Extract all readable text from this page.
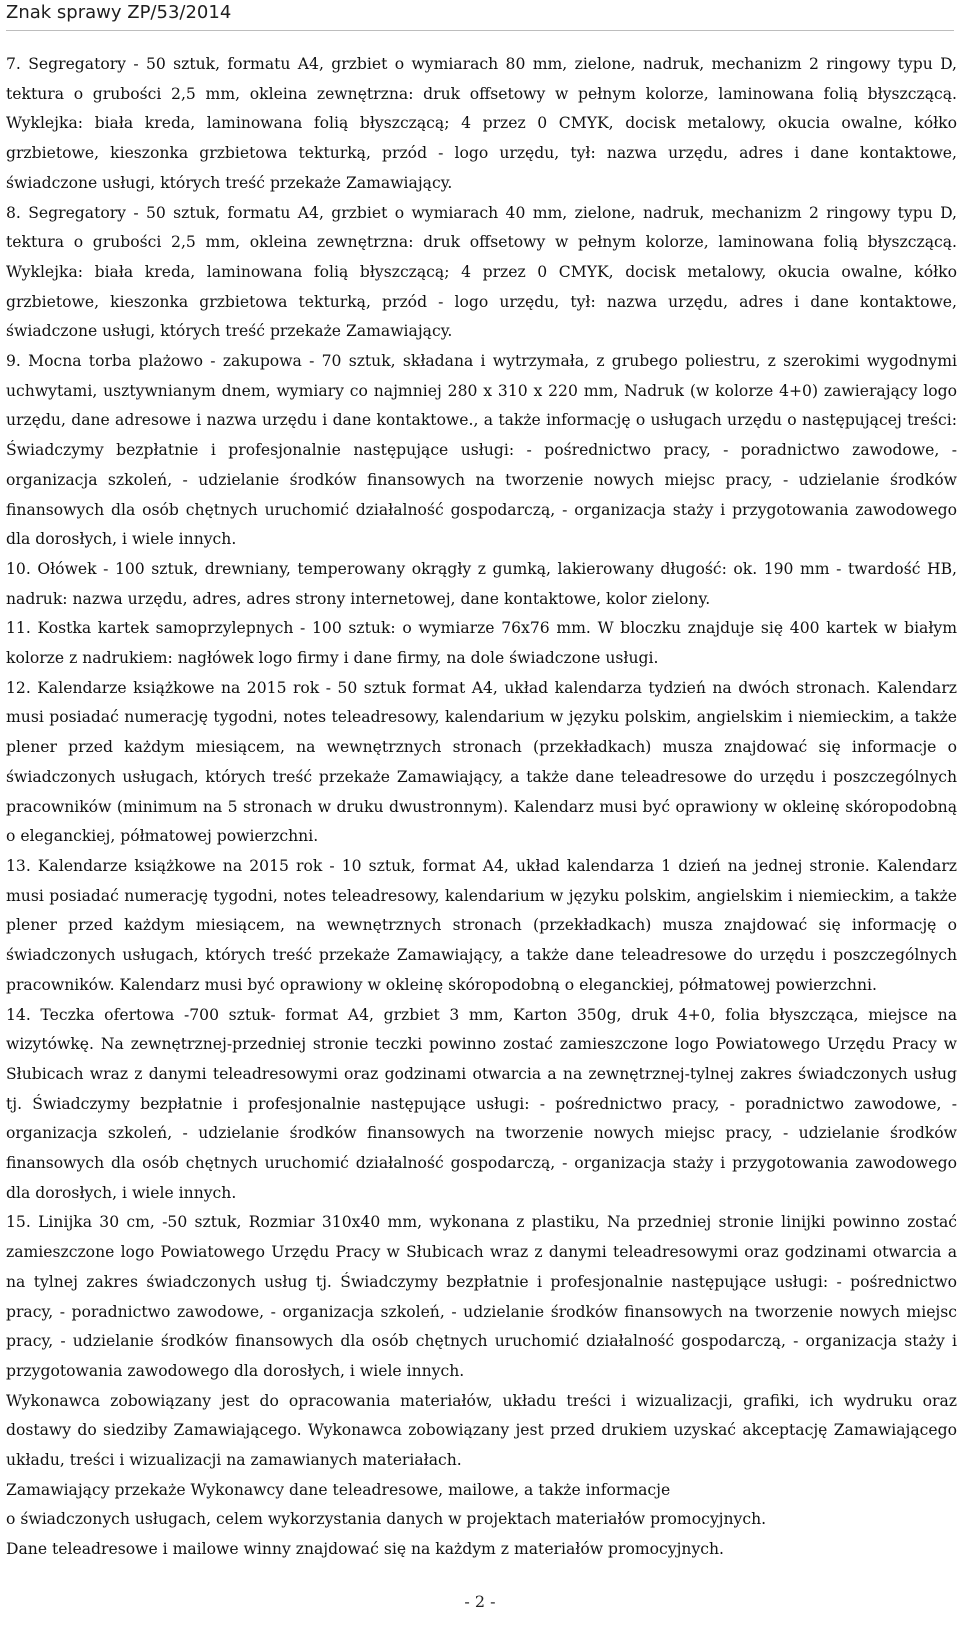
Znak sprawy ZP/53/2014

7. Segregatory - 50 sztuk, formatu A4, grzbiet o wymiarach 80 mm, zielone, nadruk, mechanizm 2 ringowy typu D, tektura o grubości 2,5 mm, okleina zewnętrzna: druk offsetowy w pełnym kolorze, laminowana folią błyszczącą. Wyklejka: biała kreda, laminowana folią błyszczącą; 4 przez 0 CMYK, docisk metalowy, okucia owalne, kółko grzbietowe, kieszonka grzbietowa tekturką, przód - logo urzędu, tył: nazwa urzędu, adres i dane kontaktowe, świadczone usługi, których treść przekaże Zamawiający.

8. Segregatory - 50 sztuk, formatu A4, grzbiet o wymiarach 40 mm, zielone, nadruk, mechanizm 2 ringowy typu D, tektura o grubości 2,5 mm, okleina zewnętrzna: druk offsetowy w pełnym kolorze, laminowana folią błyszczącą. Wyklejka: biała kreda, laminowana folią błyszczącą; 4 przez 0 CMYK, docisk metalowy, okucia owalne, kółko grzbietowe, kieszonka grzbietowa tekturką, przód - logo urzędu, tył: nazwa urzędu, adres i dane kontaktowe, świadczone usługi, których treść przekaże Zamawiający.

9. Mocna torba plażowo - zakupowa - 70 sztuk, składana i wytrzymała, z grubego poliestru, z szerokimi wygodnymi uchwytami, usztywnianym dnem, wymiary co najmniej 280 x 310 x 220 mm, Nadruk (w kolorze 4+0) zawierający logo urzędu, dane adresowe i nazwa urzędu i dane kontaktowe., a także informację o usługach urzędu o następującej treści: Świadczymy bezpłatnie i profesjonalnie następujące usługi: - pośrednictwo pracy, - poradnictwo zawodowe, - organizacja szkoleń, - udzielanie środków finansowych na tworzenie nowych miejsc pracy, - udzielanie środków finansowych dla osób chętnych uruchomić działalność gospodarczą, - organizacja staży i przygotowania zawodowego dla dorosłych, i wiele innych.

10. Ołówek - 100 sztuk, drewniany, temperowany okrągły z gumką, lakierowany długość: ok. 190 mm - twardość HB, nadruk: nazwa urzędu, adres, adres strony internetowej, dane kontaktowe, kolor zielony.

11. Kostka kartek samoprzylepnych - 100 sztuk: o wymiarze 76x76 mm. W bloczku znajduje się 400 kartek w białym kolorze z nadrukiem: nagłówek logo firmy i dane firmy, na dole świadczone usługi.

12. Kalendarze książkowe na 2015 rok - 50 sztuk format A4, układ kalendarza tydzień na dwóch stronach. Kalendarz musi posiadać numerację tygodni, notes teleadresowy, kalendarium w języku polskim, angielskim i niemieckim, a także plener przed każdym miesiącem, na wewnętrznych stronach (przekładkach) musza znajdować się informacje o świadczonych usługach, których treść przekaże Zamawiający, a także dane teleadresowe do urzędu i poszczególnych pracowników (minimum na 5 stronach w druku dwustronnym). Kalendarz musi być oprawiony w okleinę skóropodobną o eleganckiej, półmatowej powierzchni.

13. Kalendarze książkowe na 2015 rok - 10 sztuk, format A4, układ kalendarza 1 dzień na jednej stronie. Kalendarz musi posiadać numerację tygodni, notes teleadresowy, kalendarium w języku polskim, angielskim i niemieckim, a także plener przed każdym miesiącem, na wewnętrznych stronach (przekładkach) musza znajdować się informację o świadczonych usługach, których treść przekaże Zamawiający, a także dane teleadresowe do urzędu i poszczególnych pracowników. Kalendarz musi być oprawiony w okleinę skóropodobną o eleganckiej, półmatowej powierzchni.

14. Teczka ofertowa -700 sztuk- format A4, grzbiet 3 mm, Karton 350g, druk 4+0, folia błyszcząca, miejsce na wizytówkę. Na zewnętrznej-przedniej stronie teczki powinno zostać zamieszczone logo Powiatowego Urzędu Pracy w Słubicach wraz z danymi teleadresowymi oraz godzinami otwarcia a na zewnętrznej-tylnej zakres świadczonych usług tj. Świadczymy bezpłatnie i profesjonalnie następujące usługi: - pośrednictwo pracy, - poradnictwo zawodowe, - organizacja szkoleń, - udzielanie środków finansowych na tworzenie nowych miejsc pracy, - udzielanie środków finansowych dla osób chętnych uruchomić działalność gospodarczą, - organizacja staży i przygotowania zawodowego dla dorosłych, i wiele innych.

15. Linijka 30 cm, -50 sztuk, Rozmiar 310x40 mm, wykonana z plastiku, Na przedniej stronie linijki powinno zostać zamieszczone logo Powiatowego Urzędu Pracy w Słubicach wraz z danymi teleadresowymi oraz godzinami otwarcia a na tylnej zakres świadczonych usług tj. Świadczymy bezpłatnie i profesjonalnie następujące usługi: - pośrednictwo pracy, - poradnictwo zawodowe, - organizacja szkoleń, - udzielanie środków finansowych na tworzenie nowych miejsc pracy, - udzielanie środków finansowych dla osób chętnych uruchomić działalność gospodarczą, - organizacja staży i przygotowania zawodowego dla dorosłych, i wiele innych.

Wykonawca zobowiązany jest do opracowania materiałów, układu treści i wizualizacji, grafiki, ich wydruku oraz dostawy do siedziby Zamawiającego. Wykonawca zobowiązany jest przed drukiem uzyskać akceptację Zamawiającego układu, treści i wizualizacji na zamawianych materiałach.

Zamawiający przekaże Wykonawcy dane teleadresowe, mailowe, a także informacje

o świadczonych usługach, celem wykorzystania danych w projektach materiałów promocyjnych.

Dane teleadresowe i mailowe winny znajdować się na każdym z materiałów promocyjnych.

- 2 -
